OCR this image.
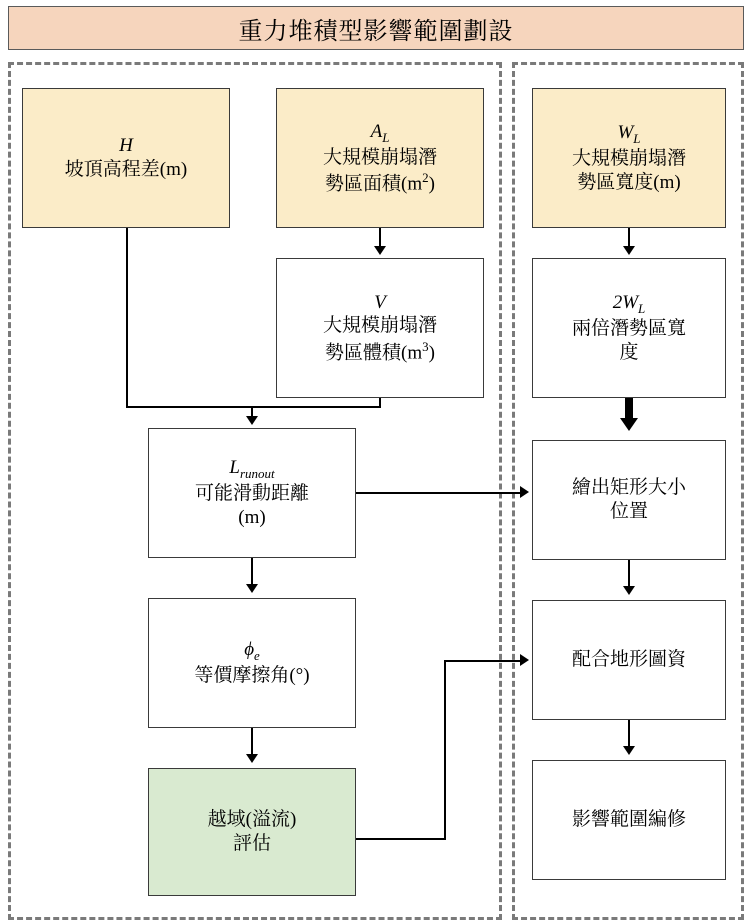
重力堆積型影響範圍劃設
H
坡頂高程差(m)
$A_L$
大規模崩塌潛
勢區面積$(m^2)$
$W_L$
大規模崩塌潛
勢區寬度(m)
V
大規模崩塌潛
勢區體積$(m^3)$
$2W_L$
兩倍潛勢區寬
度
$L_{runout}$
可能滑動距離
(m)
繪出矩形大小
位置
$\phi_e$
等價摩擦角(°)
配合地形圖資
越域(溢流)
評估
影響範圍編修
